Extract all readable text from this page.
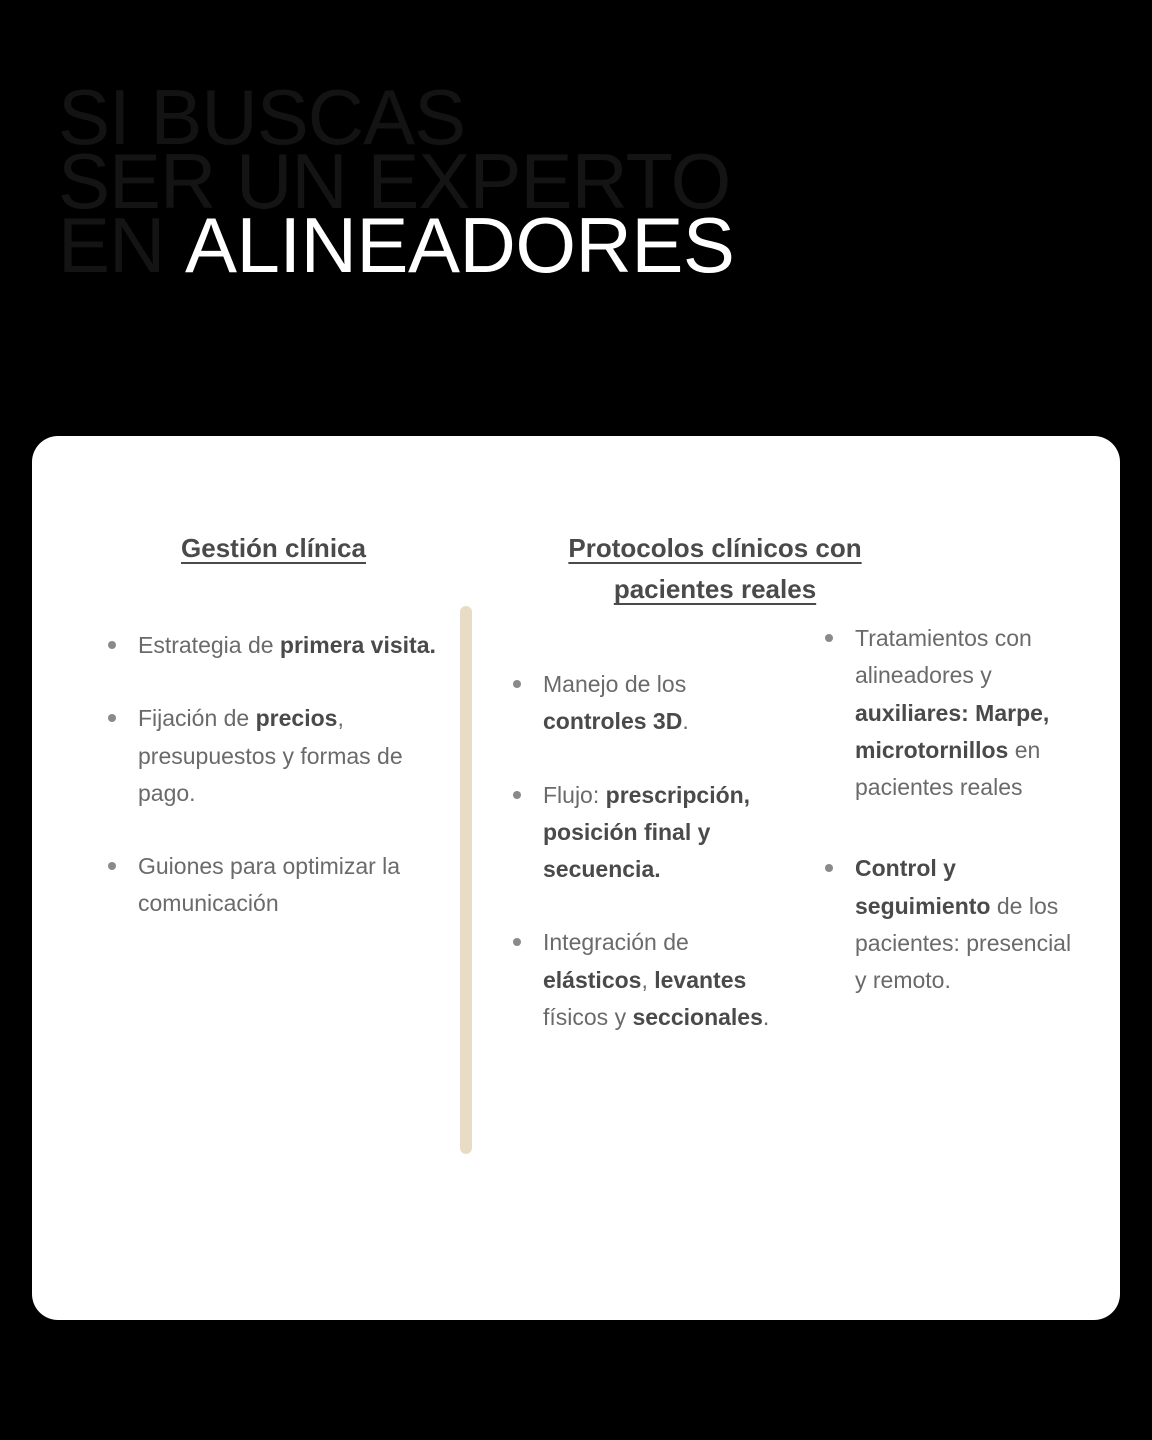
SI BUSCAS
SER UN EXPERTO
EN ALINEADORES
Gestión clínica
Estrategia de primera visita.
Fijación de precios, presupuestos y formas de pago.
Guiones para optimizar la comunicación
Protocolos clínicos con pacientes reales
Manejo de los controles 3D.
Flujo: prescripción, posición final y secuencia.
Integración de elásticos, levantes físicos y seccionales.
Tratamientos con alineadores y auxiliares: Marpe, microtornillos en pacientes reales
Control y seguimiento de los pacientes: presencial y remoto.
